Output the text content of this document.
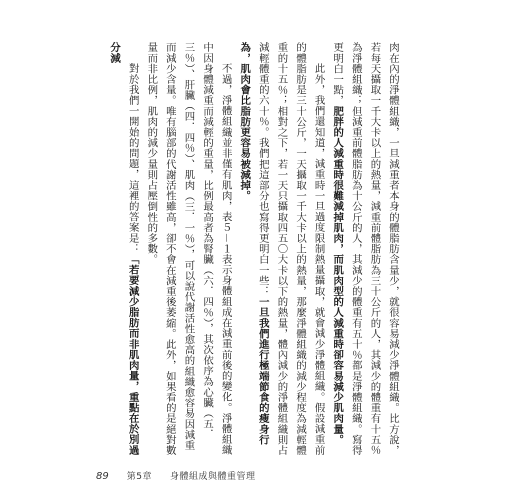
肉在內的淨體組織，一旦減重者本身的體脂肪含量少，就很容易減少淨體組織。比方說，若每天攝取一千大卡以上的熱量，減重前體脂肪為三十公斤的人，其減少的體重有十五％為淨體組織；但減重前體脂肪為十公斤的人，其減少的體重有五十％都是淨體組織。寫得更明白一點，肥胖的人減重時很難減掉肌肉，而肌肉型的人減重時卻容易減少肌肉量。

此外，我們還知道，減重時一旦過度限制熱量攝取，就會減少淨體組織。假設減重前的體脂肪是三十公斤，一天攝取一千大卡以上的熱量，那麼淨體組織的減少程度為減輕體重的十五％；相對之下，若一天只攝取四五〇大卡以下的熱量，體內減少的淨體組織則占減輕體重的六十％。我們把這部分也寫得更明白一些：一旦我們進行極端節食的瘦身行為，肌肉會比脂肪更容易被減掉。

不過，淨體組織並非僅有肌肉，表５－１表示身體組成在減重前後的變化。淨體組織中因身體減重而減輕的重量，比例最高者為腎臟（六．四％），其次依序為心臟（五．三％）、肝臟（四．四％）、肌肉（三．一％），可以說代謝活性愈高的組織愈容易因減重而減少含量。唯有腦部的代謝活性雖高，卻不會在減重後萎縮。此外，如果看的是絕對數量而非比例，肌肉的減少量則占壓倒性的多數。

對於我們一開始的問題，這裡的答案是：「若要減少脂肪而非肌肉量，重點在於別過分減

89 第5章 身體組成與體重管理
